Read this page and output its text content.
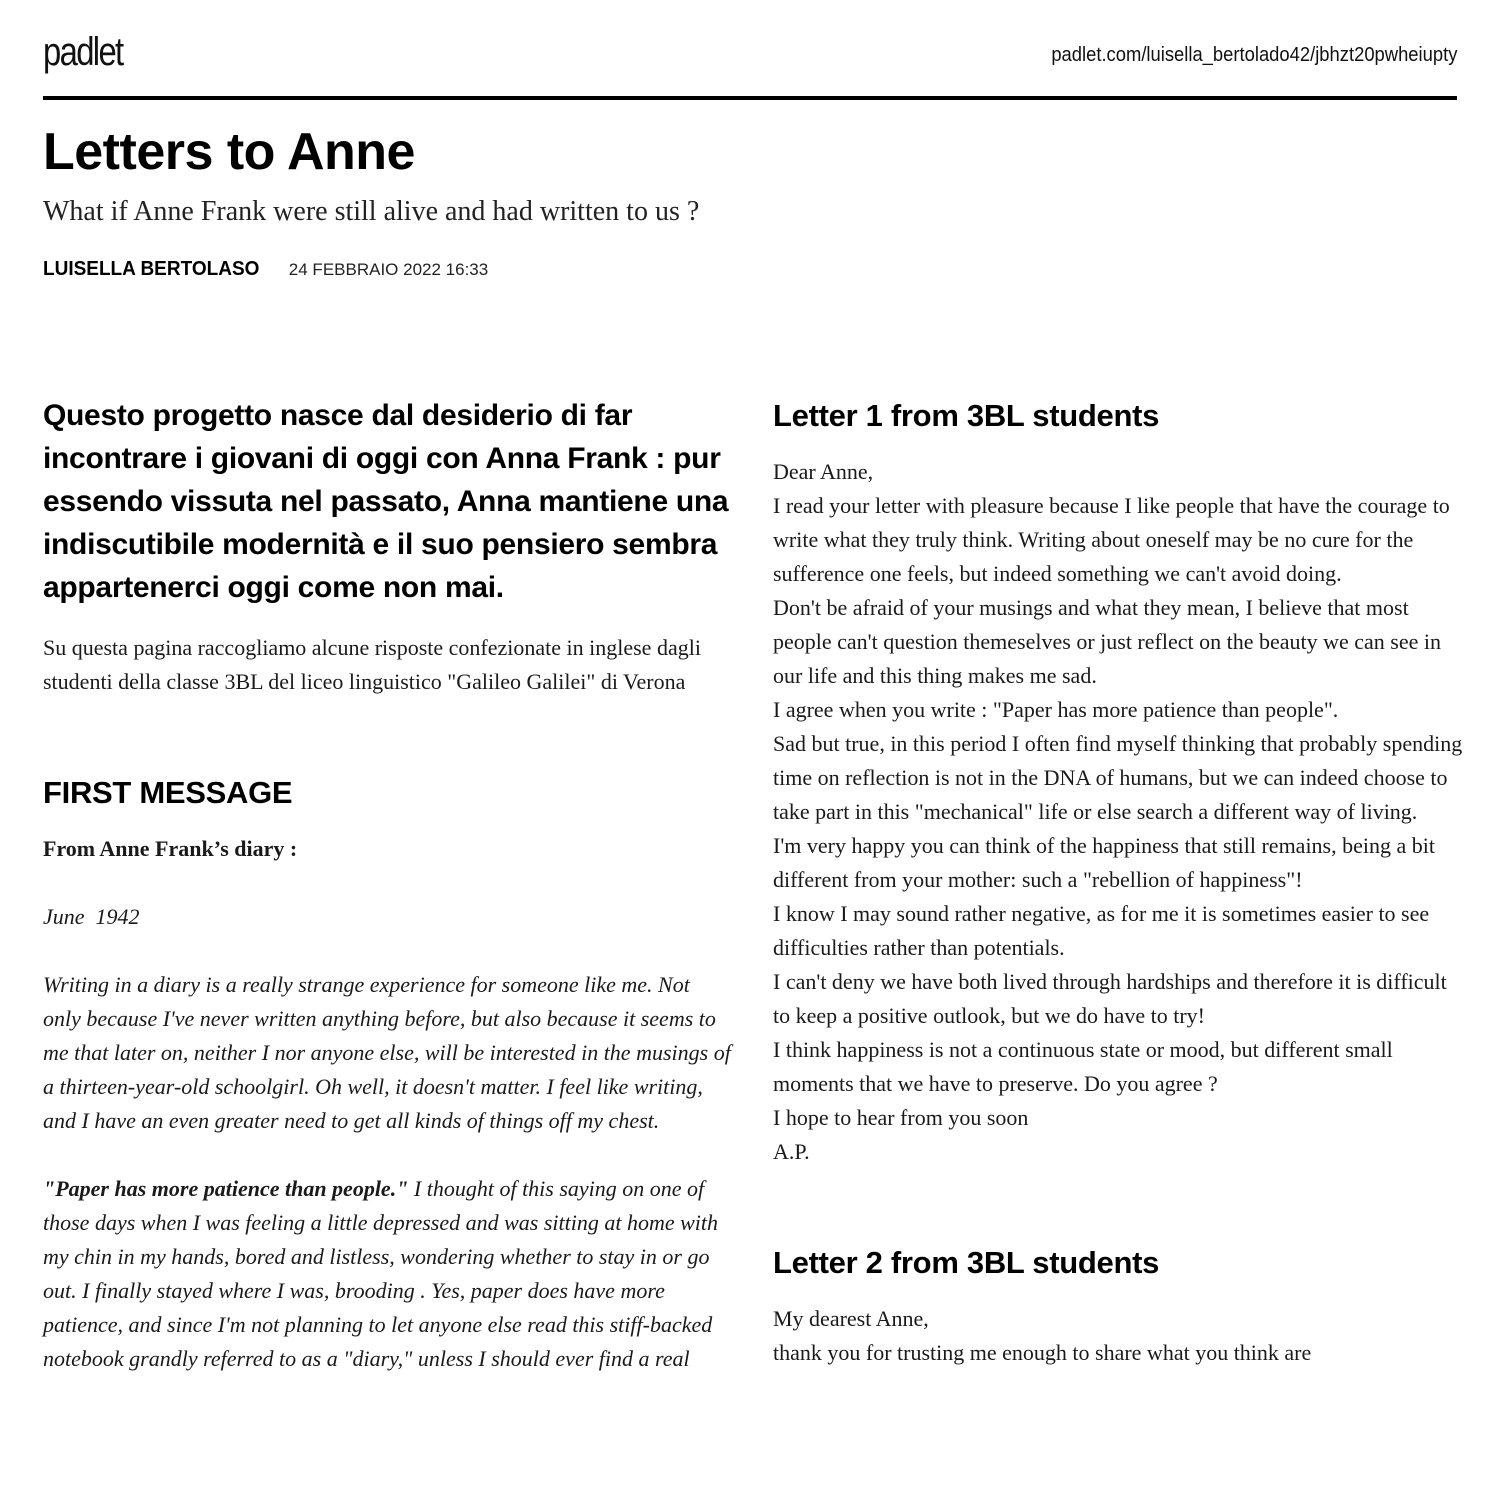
padlet	padlet.com/luisella_bertolado42/jbhzt20pwheiupty
Letters to Anne
What if Anne Frank were still alive and had written to us ?
LUISELLA BERTOLASO 24 FEBBRAIO 2022 16:33
Questo progetto nasce dal desiderio di far incontrare i giovani di oggi con Anna Frank : pur essendo vissuta nel passato, Anna mantiene una indiscutibile modernità e il suo pensiero sembra appartenerci oggi come non mai.

Su questa pagina raccogliamo alcune risposte confezionate in inglese dagli studenti della classe 3BL del liceo linguistico "Galileo Galilei" di Verona

FIRST MESSAGE

From Anne Frank’s diary :

June  1942

Writing in a diary is a really strange experience for someone like me. Not only because I've never written anything before, but also because it seems to me that later on, neither I nor anyone else, will be interested in the musings of a thirteen-year-old schoolgirl. Oh well, it doesn't matter. I feel like writing, and I have an even greater need to get all kinds of things off my chest.

"Paper has more patience than people." I thought of this saying on one of those days when I was feeling a little depressed and was sitting at home with my chin in my hands, bored and listless, wondering whether to stay in or go out. I finally stayed where I was, brooding . Yes, paper does have more patience, and since I'm not planning to let anyone else read this stiff-backed notebook grandly referred to as a "diary," unless I should ever find a real

Letter 1 from 3BL students

Dear Anne,

I read your letter with pleasure because I like people that have the courage to write what they truly think. Writing about oneself may be no cure for the sufference one feels, but indeed something we can't avoid doing.

Don't be afraid of your musings and what they mean, I believe that most people can't question themeselves or just reflect on the beauty we can see in our life and this thing makes me sad.

I agree when you write : "Paper has more patience than people".

Sad but true, in this period I often find myself thinking that probably spending time on reflection is not in the DNA of humans, but we can indeed choose to take part in this "mechanical" life or else search a different way of living.

I'm very happy you can think of the happiness that still remains, being a bit different from your mother: such a "rebellion of happiness"!

I know I may sound rather negative, as for me it is sometimes easier to see difficulties rather than potentials.

I can't deny we have both lived through hardships and therefore it is difficult to keep a positive outlook, but we do have to try!

I think happiness is not a continuous state or mood, but different small moments that we have to preserve. Do you agree ?

I hope to hear from you soon

A.P.

Letter 2 from 3BL students

My dearest Anne,

thank you for trusting me enough to share what you think are
